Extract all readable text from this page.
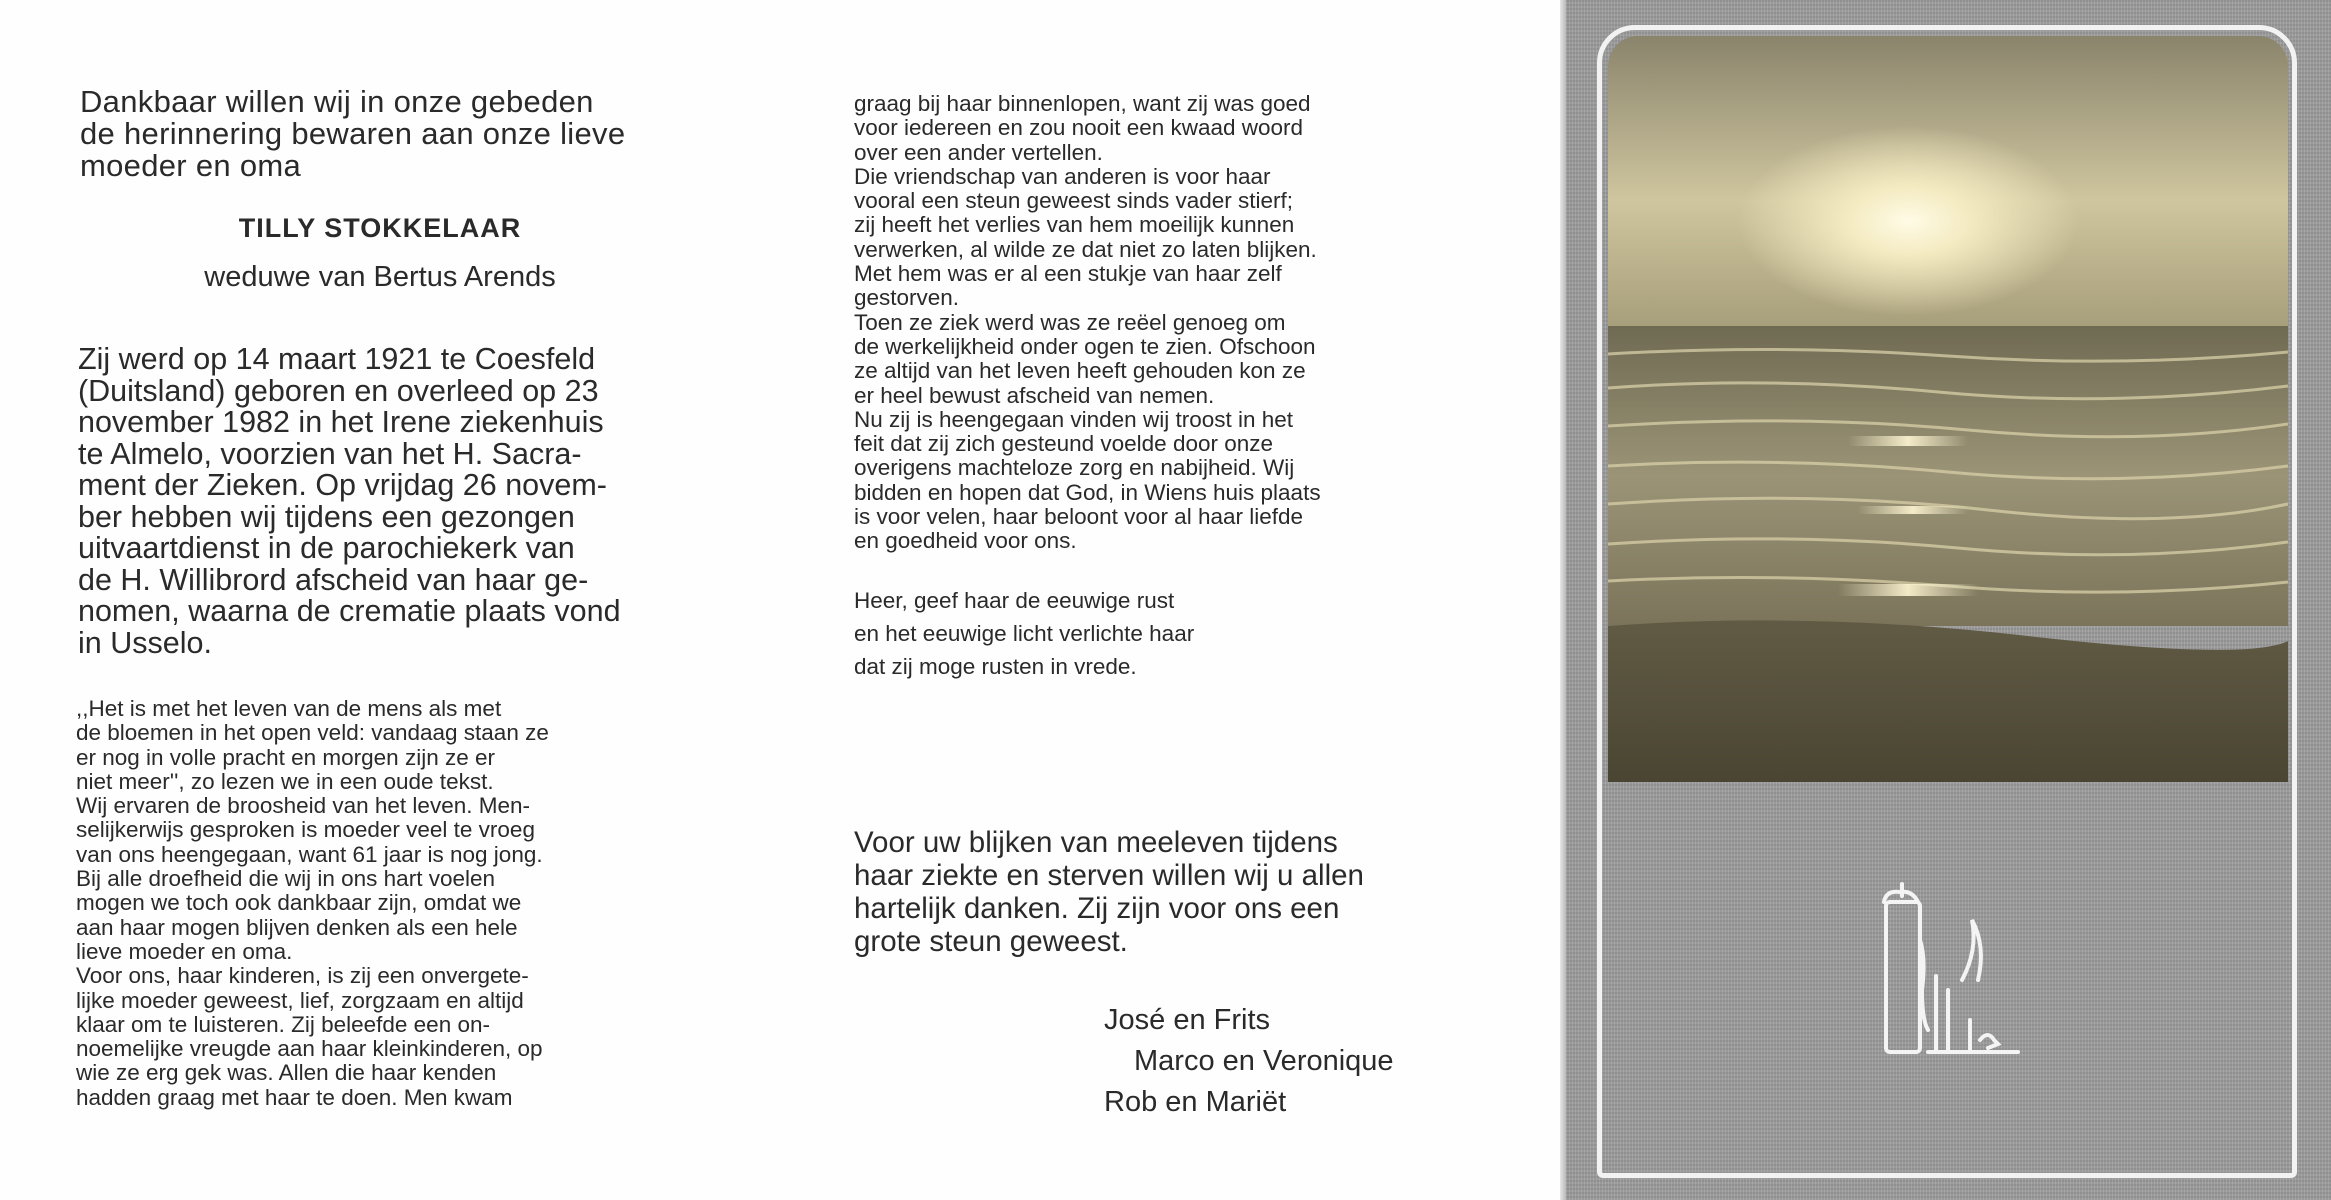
Dankbaar willen wij in onze gebeden

de herinnering bewaren aan onze lieve

moeder en oma

TILLY STOKKELAAR
weduwe van Bertus Arends

Zij werd op 14 maart 1921 te Coesfeld

(Duitsland) geboren en overleed op 23

november 1982 in het Irene ziekenhuis

te Almelo, voorzien van het H. Sacra-

ment der Zieken. Op vrijdag 26 novem-

ber hebben wij tijdens een gezongen

uitvaartdienst in de parochiekerk van

de H. Willibrord afscheid van haar ge-

nomen, waarna de crematie plaats vond

in Usselo.

,,Het is met het leven van de mens als met

de bloemen in het open veld: vandaag staan ze

er nog in volle pracht en morgen zijn ze er

niet meer'', zo lezen we in een oude tekst.

Wij ervaren de broosheid van het leven. Men-

selijkerwijs gesproken is moeder veel te vroeg

van ons heengegaan, want 61 jaar is nog jong.

Bij alle droefheid die wij in ons hart voelen

mogen we toch ook dankbaar zijn, omdat we

aan haar mogen blijven denken als een hele

lieve moeder en oma.

Voor ons, haar kinderen, is zij een onvergete-

lijke moeder geweest, lief, zorgzaam en altijd

klaar om te luisteren. Zij beleefde een on-

noemelijke vreugde aan haar kleinkinderen, op

wie ze erg gek was. Allen die haar kenden

hadden graag met haar te doen. Men kwam

graag bij haar binnenlopen, want zij was goed

voor iedereen en zou nooit een kwaad woord

over een ander vertellen.

Die vriendschap van anderen is voor haar

vooral een steun geweest sinds vader stierf;

zij heeft het verlies van hem moeilijk kunnen

verwerken, al wilde ze dat niet zo laten blijken.

Met hem was er al een stukje van haar zelf

gestorven.

Toen ze ziek werd was ze reëel genoeg om

de werkelijkheid onder ogen te zien. Ofschoon

ze altijd van het leven heeft gehouden kon ze

er heel bewust afscheid van nemen.

Nu zij is heengegaan vinden wij troost in het

feit dat zij zich gesteund voelde door onze

overigens machteloze zorg en nabijheid. Wij

bidden en hopen dat God, in Wiens huis plaats

is voor velen, haar beloont voor al haar liefde

en goedheid voor ons.

Heer, geef haar de eeuwige rust

en het eeuwige licht verlichte haar

dat zij moge rusten in vrede.

Voor uw blijken van meeleven tijdens

haar ziekte en sterven willen wij u allen

hartelijk danken. Zij zijn voor ons een

grote steun geweest.

José en Frits

Marco en Veronique

Rob en Mariët
